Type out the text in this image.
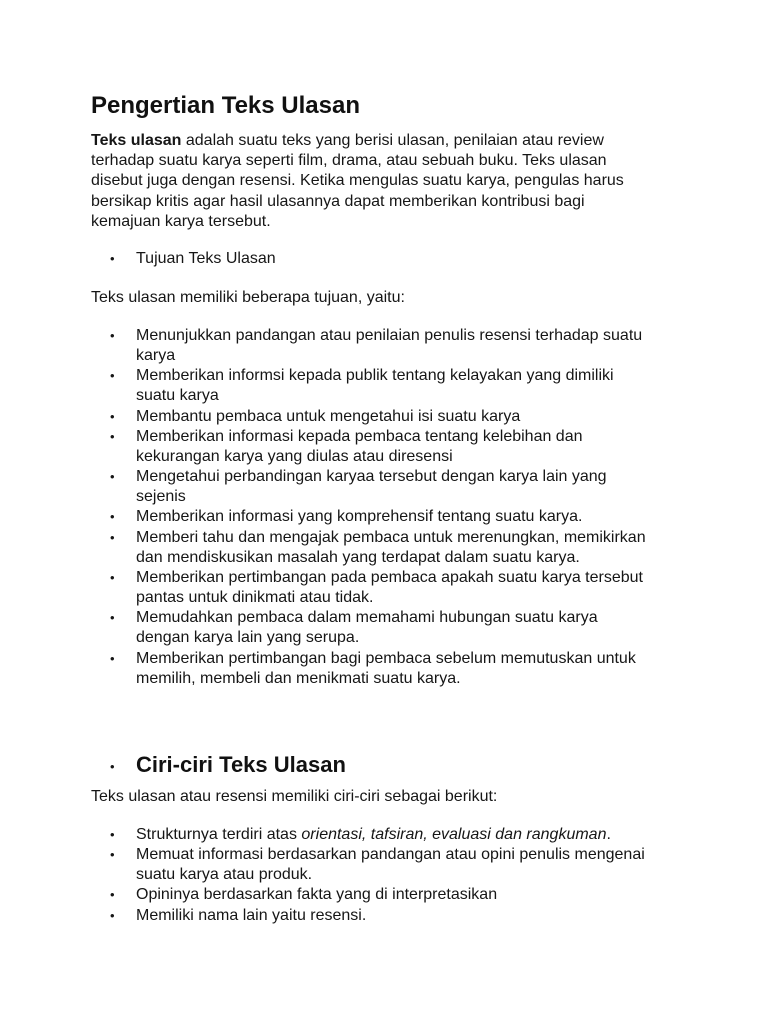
Pengertian Teks Ulasan

Teks ulasan adalah suatu teks yang berisi ulasan, penilaian atau review
terhadap suatu karya seperti film, drama, atau sebuah buku. Teks ulasan
disebut juga dengan resensi. Ketika mengulas suatu karya, pengulas harus
bersikap kritis agar hasil ulasannya dapat memberikan kontribusi bagi
kemajuan karya tersebut.

•	Tujuan Teks Ulasan

Teks ulasan memiliki beberapa tujuan, yaitu:

•	Menunjukkan pandangan atau penilaian penulis resensi terhadap suatu
karya
•	Memberikan informsi kepada publik tentang kelayakan yang dimiliki
suatu karya
•	Membantu pembaca untuk mengetahui isi suatu karya
•	Memberikan informasi kepada pembaca tentang kelebihan dan
kekurangan karya yang diulas atau diresensi
•	Mengetahui perbandingan karyaa tersebut dengan karya lain yang
sejenis
•	Memberikan informasi yang komprehensif tentang suatu karya.
•	Memberi tahu dan mengajak pembaca untuk merenungkan, memikirkan
dan mendiskusikan masalah yang terdapat dalam suatu karya.
•	Memberikan pertimbangan pada pembaca apakah suatu karya tersebut
pantas untuk dinikmati atau tidak.
•	Memudahkan pembaca dalam memahami hubungan suatu karya
dengan karya lain yang serupa.
•	Memberikan pertimbangan bagi pembaca sebelum memutuskan untuk
memilih, membeli dan menikmati suatu karya.
• Ciri-ciri Teks Ulasan

Teks ulasan atau resensi memiliki ciri-ciri sebagai berikut:

•	Strukturnya terdiri atas orientasi, tafsiran, evaluasi dan rangkuman.
•	Memuat informasi berdasarkan pandangan atau opini penulis mengenai
suatu karya atau produk.
•	Opininya berdasarkan fakta yang di interpretasikan
•	Memiliki nama lain yaitu resensi.
